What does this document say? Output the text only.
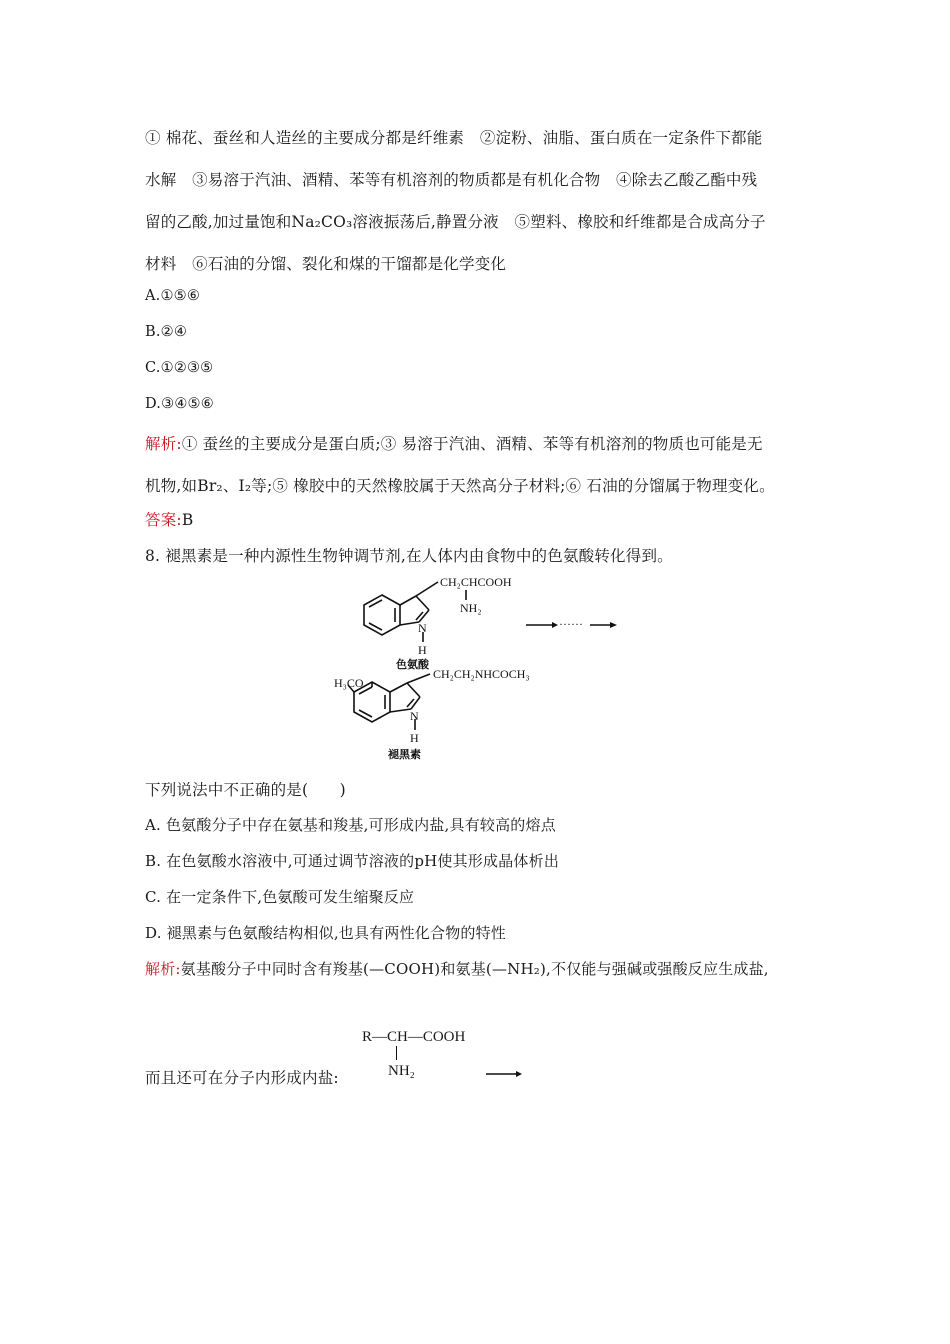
① 棉花、蚕丝和人造丝的主要成分都是纤维素　②淀粉、油脂、蛋白质在一定条件下都能
水解　③易溶于汽油、酒精、苯等有机溶剂的物质都是有机化合物　④除去乙酸乙酯中残
留的乙酸,加过量饱和Na₂CO₃溶液振荡后,静置分液　⑤塑料、橡胶和纤维都是合成高分子
材料　⑥石油的分馏、裂化和煤的干馏都是化学变化
A.①⑤⑥
B.②④
C.①②③⑤
D.③④⑤⑥
解析:① 蚕丝的主要成分是蛋白质;③ 易溶于汽油、酒精、苯等有机溶剂的物质也可能是无
机物,如Br₂、I₂等;⑤ 橡胶中的天然橡胶属于天然高分子材料;⑥ 石油的分馏属于物理变化。
答案:B
8. 褪黑素是一种内源性生物钟调节剂,在人体内由食物中的色氨酸转化得到。
CH₂CHCOOH
NH₂
N
H
色氨酸
······
H₃CO
CH₂CH₂NHCOCH₃
N
H
褪黑素
下列说法中不正确的是(　　)
A. 色氨酸分子中存在氨基和羧基,可形成内盐,具有较高的熔点
B. 在色氨酸水溶液中,可通过调节溶液的pH使其形成晶体析出
C. 在一定条件下,色氨酸可发生缩聚反应
D. 褪黑素与色氨酸结构相似,也具有两性化合物的特性
解析:氨基酸分子中同时含有羧基(—COOH)和氨基(—NH₂),不仅能与强碱或强酸反应生成盐,
R—CH—COOH
NH₂
而且还可在分子内形成内盐:
